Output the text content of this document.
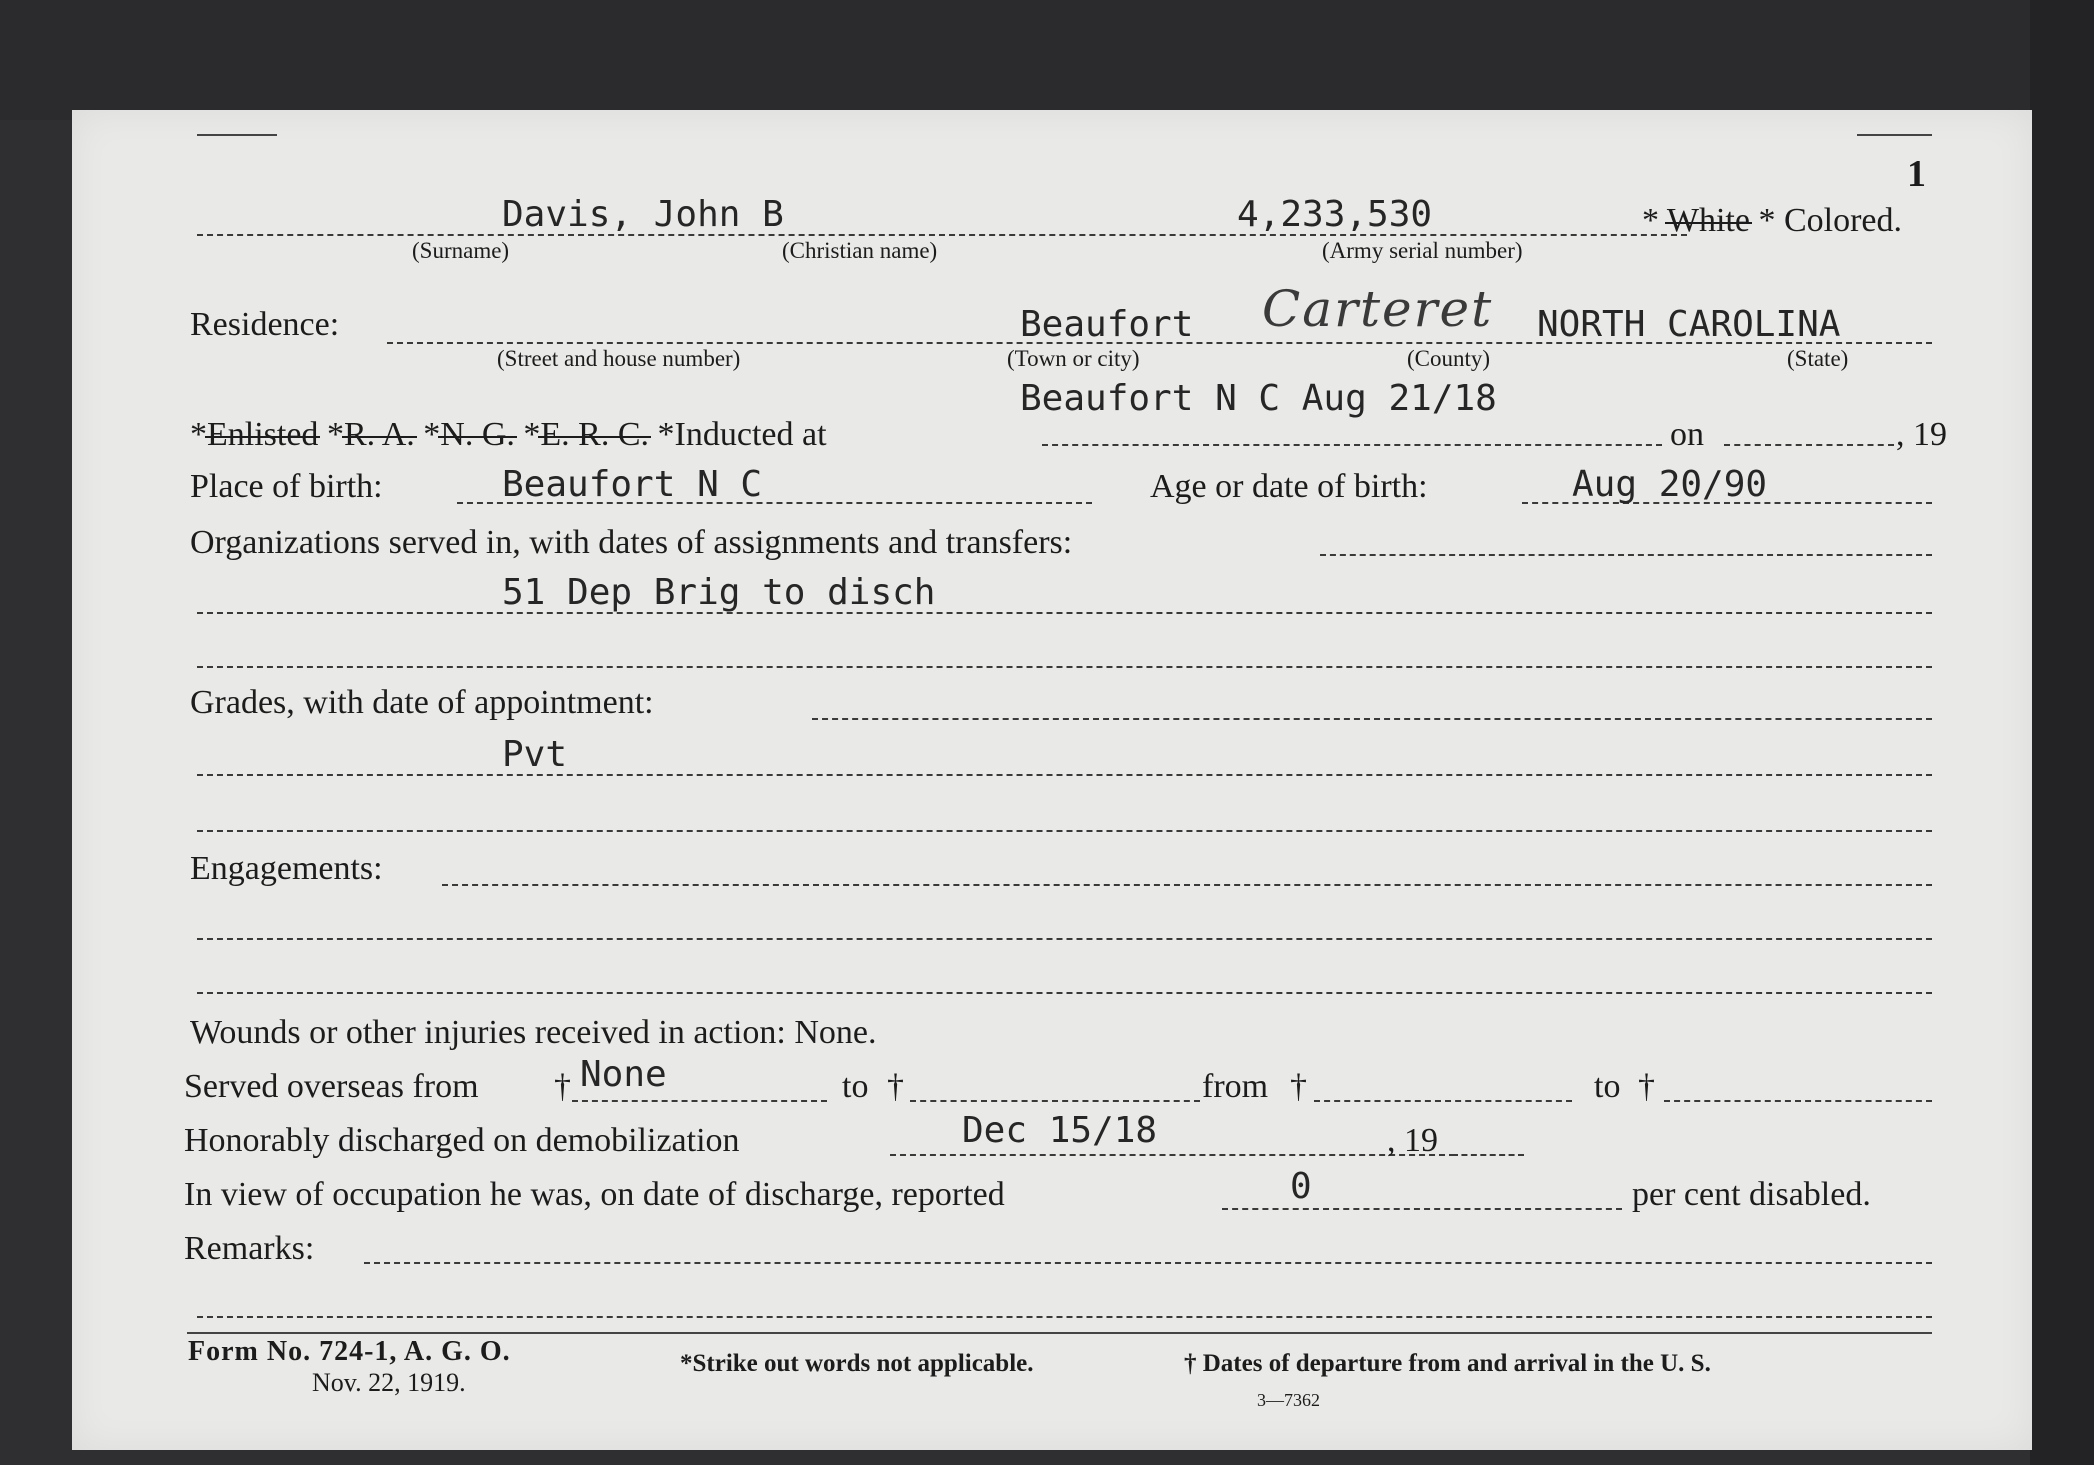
1
Davis, John B	4,233,530
(Surname)	(Christian name)	(Army serial number)
* White * Colored.
Residence:	Beaufort Carteret NORTH CAROLINA
(Street and house number)	(Town or city)	(County)	(State)
Beaufort N C Aug 21/18
*Enlisted *R. A. *N. G. *E. R. C. *Inducted at	on	, 19
Place of birth:	Beaufort N C	Age or date of birth:	Aug 20/90
Organizations served in, with dates of assignments and transfers:
51 Dep Brig to disch
Grades, with date of appointment:
Pvt
Engagements:
Wounds or other injuries received in action: None.
Served overseas from † None	to †	from †	to †
Honorably discharged on demobilization	Dec 15/18	, 19
In view of occupation he was, on date of discharge, reported	0	per cent disabled.
Remarks:
Form No. 724-1, A. G. O.
Nov. 22, 1919.
*Strike out words not applicable.	† Dates of departure from and arrival in the U. S.
3—7362
